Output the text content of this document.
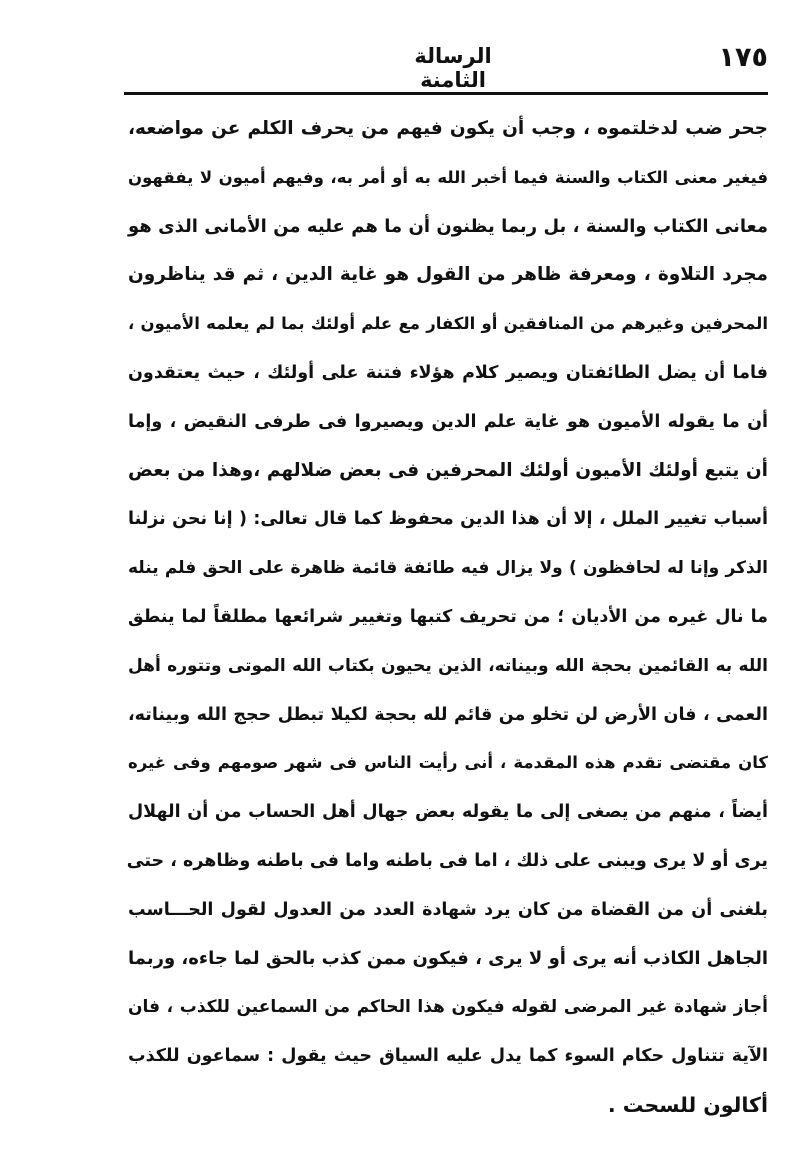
١٧٥
الرسالة الثامنة
جحر ضب لدخلتموه ، وجب أن يكون فيهم من يحرف الكلم عن مواضعه،
فيغير معنى الكتاب والسنة فيما أخبر الله به أو أمر به، وفيهم أميون لا يفقهون
معانى الكتاب والسنة ، بل ربما يظنون أن ما هم عليه من الأمانى الذى هو
مجرد التلاوة ، ومعرفة ظاهر من القول هو غاية الدين ، ثم قد يناظرون
المحرفين وغيرهم من المنافقين أو الكفار مع علم أولئك بما لم يعلمه الأميون ،
فاما أن يضل الطائفتان ويصير كلام هؤلاء فتنة على أولئك ، حيث يعتقدون
أن ما يقوله الأميون هو غاية علم الدين ويصيروا فى طرفى النقيض ، وإما
أن يتبع أولئك الأميون أولئك المحرفين فى بعض ضلالهم ،وهذا من بعض
أسباب تغيير الملل ، إلا أن هذا الدين محفوظ كما قال تعالى: ( إنا نحن نزلنا
الذكر وإنا له لحافظون ) ولا يزال فيه طائفة قائمة ظاهرة على الحق فلم ينله
ما نال غيره من الأديان ؛ من تحريف كتبها وتغيير شرائعها مطلقاً لما ينطق
الله به القائمين بحجة الله وبيناته، الذين يحيون بكتاب الله الموتى وتتوره أهل
العمى ، فان الأرض لن تخلو من قائم لله بحجة لكيلا تبطل حجج الله وبيناته،
كان مقتضى تقدم هذه المقدمة ، أنى رأيت الناس فى شهر صومهم وفى غيره
أيضاً ، منهم من يصغى إلى ما يقوله بعض جهال أهل الحساب من أن الهلال
يرى أو لا يرى ويبنى على ذلك ، اما فى باطنه واما فى باطنه وظاهره ، حتى
بلغنى أن من القضاة من كان يرد شهادة العدد من العدول لقول الحـــاسب
الجاهل الكاذب أنه يرى أو لا يرى ، فيكون ممن كذب بالحق لما جاءه، وربما
أجاز شهادة غير المرضى لقوله فيكون هذا الحاكم من السماعين للكذب ، فان
الآية تتناول حكام السوء كما يدل عليه السياق حيث يقول : سماعون للكذب
أكالون للسحت .
